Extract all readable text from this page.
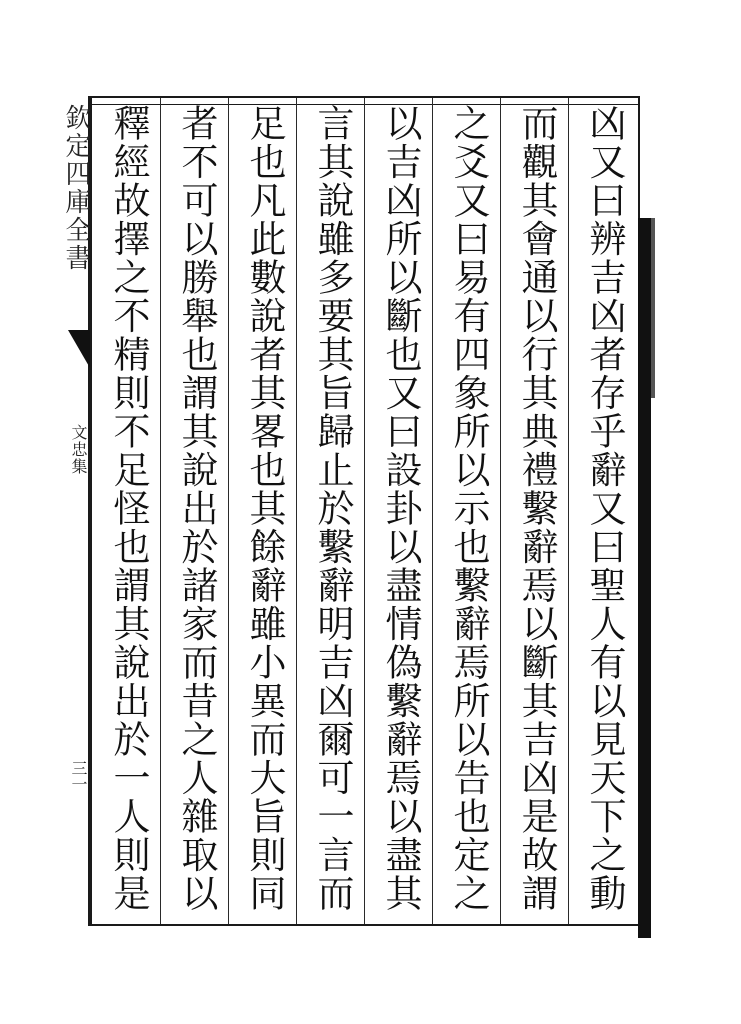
欽定四庫全書
文忠集
三一	凶又曰辨吉凶者存乎辭又曰聖人有以見天下之動
而觀其會通以行其典禮繫辭焉以斷其吉凶是故謂
之爻又曰易有四象所以示也繫辭焉所以告也定之
以吉凶所以斷也又曰設卦以盡情偽繫辭焉以盡其
言其說雖多要其旨歸止於繫辭明吉凶爾可一言而
足也凡此數說者其畧也其餘辭雖小異而大旨則同
者不可以勝舉也謂其說出於諸家而昔之人雜取以
釋經故擇之不精則不足怪也謂其說出於一人則是
